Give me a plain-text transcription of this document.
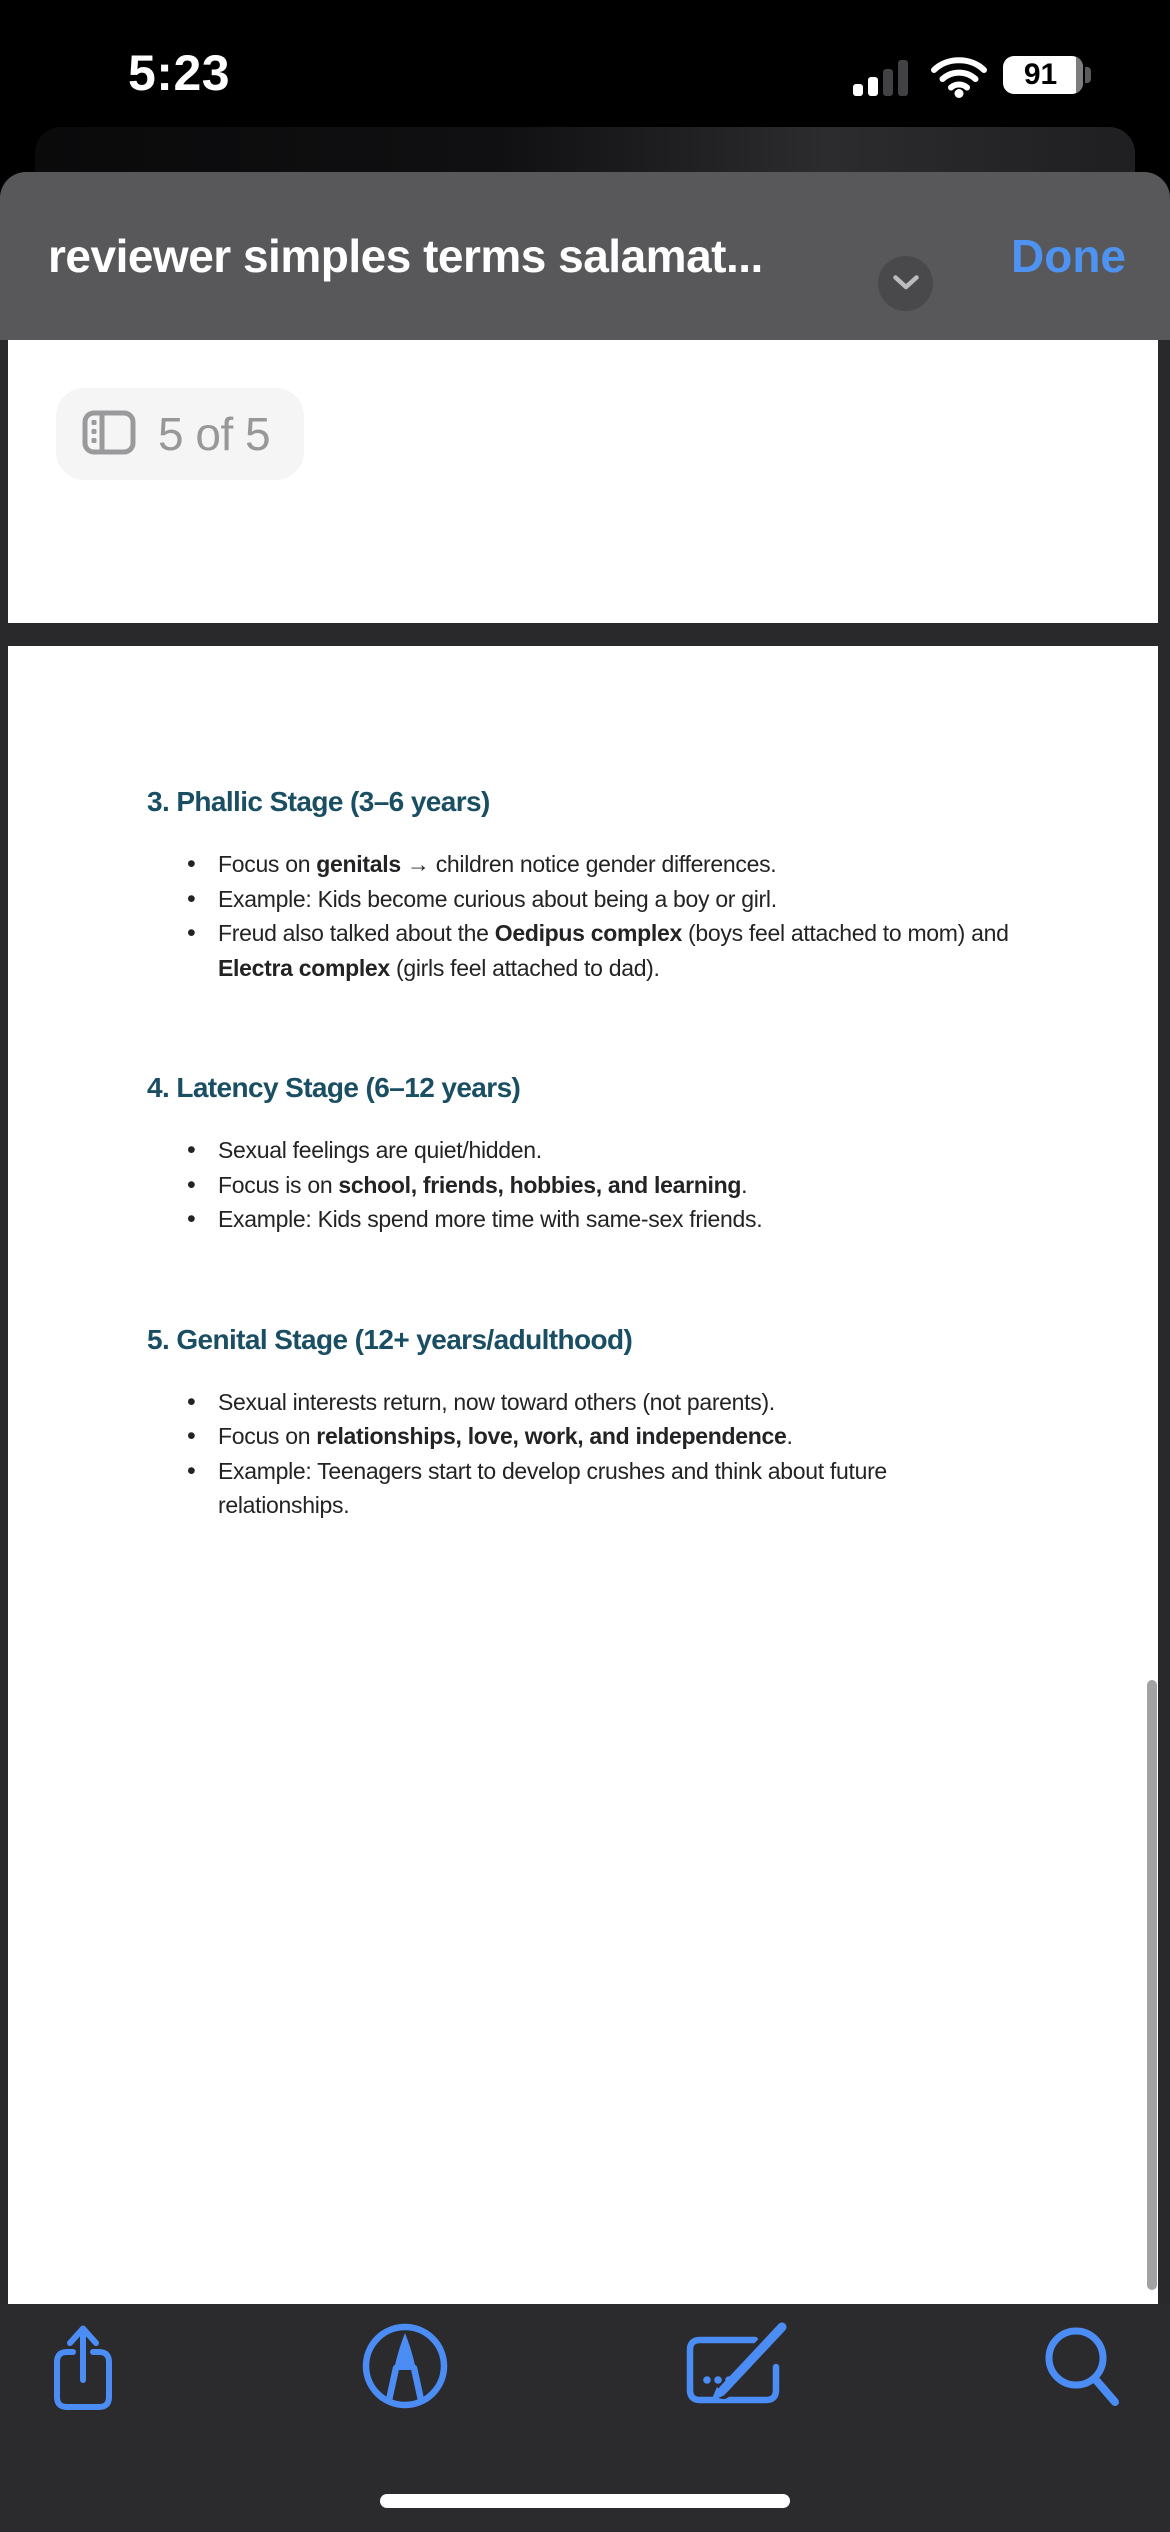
5:23	91
reviewer simples terms salamat...	Done
5 of 5
3. Phallic Stage (3–6 years)
• Focus on genitals → children notice gender differences.
• Example: Kids become curious about being a boy or girl.
• Freud also talked about the Oedipus complex (boys feel attached to mom) and
Electra complex (girls feel attached to dad).
4. Latency Stage (6–12 years)
• Sexual feelings are quiet/hidden.
• Focus is on school, friends, hobbies, and learning.
• Example: Kids spend more time with same-sex friends.
5. Genital Stage (12+ years/adulthood)
• Sexual interests return, now toward others (not parents).
• Focus on relationships, love, work, and independence.
• Example: Teenagers start to develop crushes and think about future
relationships.
